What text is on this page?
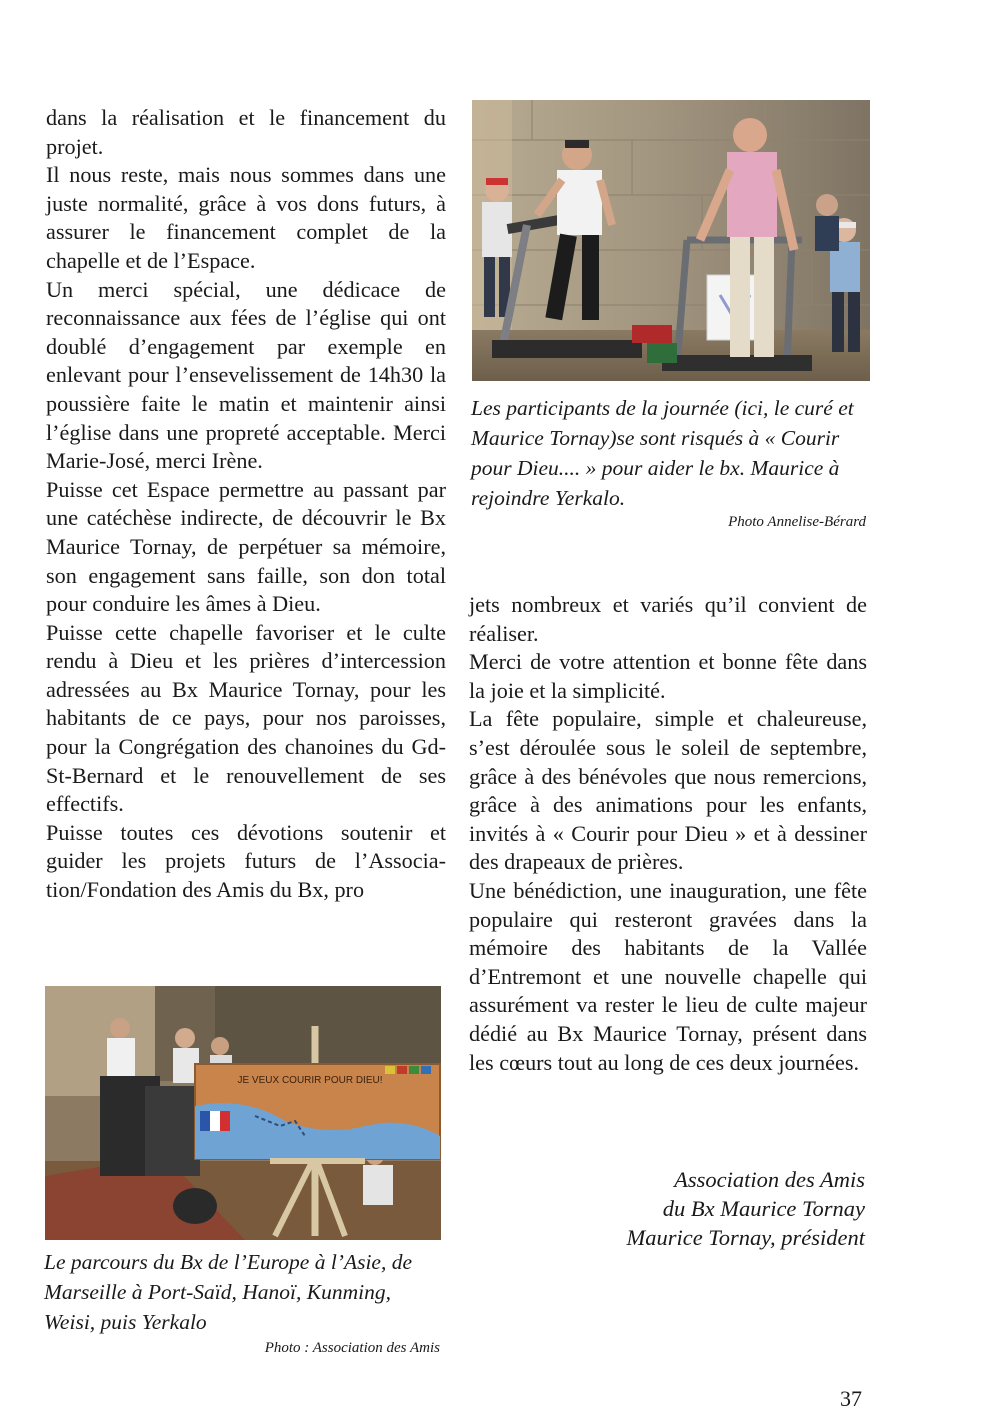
dans la réalisation et le financement du projet.

Il nous reste, mais nous sommes dans une juste normalité, grâce à vos dons futurs, à assurer le financement complet de la chapelle et de l’Espace.

Un merci spécial, une dédicace de reconnaissance aux fées de l’église qui ont doublé d’engagement par exemple en enlevant pour l’ensevelissement de 14h30 la poussière faite le matin et maintenir ainsi l’église dans une propreté acceptable. Merci Marie-José, merci Irène.

Puisse cet Espace permettre au passant par une catéchèse indirecte, de découvrir le Bx Maurice Tornay, de perpétuer sa mémoire, son engagement sans faille, son don total pour conduire les âmes à Dieu.

Puisse cette chapelle favoriser et le culte rendu à Dieu et les prières d’intercession adressées au Bx Maurice Tornay, pour les habitants de ce pays, pour nos paroisses, pour la Congrégation des chanoines du Gd-St-Bernard et le renouvellement de ses effectifs.

Puisse toutes ces dévotions soutenir et guider les projets futurs de l’Association/Fondation des Amis du Bx, pro

Les participants de la journée (ici, le curé et Maurice Tornay)se sont risqués à « Courir pour Dieu.... » pour aider le bx. Maurice à rejoindre Yerkalo.

Photo Annelise-Bérard

jets nombreux et variés qu’il convient de réaliser.

Merci de votre attention et bonne fête dans la joie et la simplicité.

La fête populaire, simple et chaleureuse, s’est déroulée sous le soleil de septembre, grâce à des bénévoles que nous remercions, grâce à des animations pour les enfants, invités à « Courir pour Dieu » et à dessiner des drapeaux de prières.

Une bénédiction, une inauguration, une fête populaire qui resteront gravées dans la mémoire des habitants de la Vallée d’Entremont et une nouvelle chapelle qui assurément va rester le lieu de culte majeur dédié au Bx Maurice Tornay, présent dans les cœurs tout au long de ces deux journées.

JE VEUX COURIR POUR DIEU!

Le parcours du Bx de l’Europe à l’Asie, de Marseille à Port-Saïd, Hanoï, Kunming, Weisi, puis Yerkalo

Photo : Association des Amis

Association des Amis
du Bx Maurice Tornay
Maurice Tornay, président
37
